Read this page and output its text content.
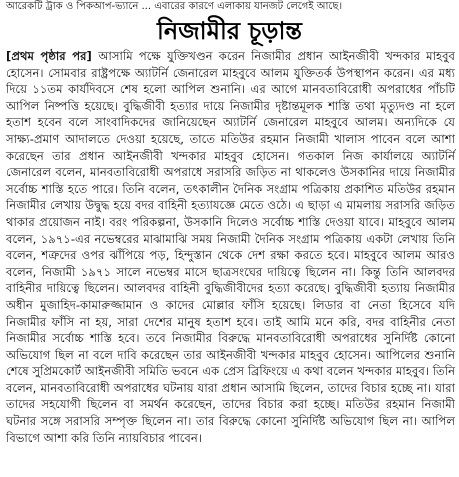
আরেকটি ট্রাক ও পিকআপ-ভ্যানে ... এবারের কারণে এলাকায় যানজট লেগেই আছে।
নিজামীর চূড়ান্ত
[ প্রথম পৃষ্ঠার পর ] আসামি পক্ষে যুক্তিখণ্ডন করেন নিজামীর প্রধান আইনজীবী খন্দকার মাহবুব হোসেন। সোমবার রাষ্ট্রপক্ষে অ্যাটর্নি জেনারেল মাহবুবে আলম যুক্তিতর্ক উপস্থাপন করেন। এর মধ্য দিয়ে ১১তম কার্যদিবসে শেষ হলো আপিল শুনানি। এর আগে মানবতাবিরোধী অপরাধের পাঁচটি আপিল নিষ্পত্তি হয়েছে। বুদ্ধিজীবী হত্যার দায়ে নিজামীর দৃষ্টান্তমূলক শাস্তি তথা মৃত্যুদণ্ড না হলে হতাশ হবেন বলে সাংবাদিকদের জানিয়েছেন অ্যাটর্নি জেনারেল মাহবুবে আলম। অন্যদিকে যে সাক্ষ্য-প্রমাণ আদালতে দেওয়া হয়েছে, তাতে মতিউর রহমান নিজামী খালাস পাবেন বলে আশা করেছেন তার প্রধান আইনজীবী খন্দকার মাহবুব হোসেন। গতকাল নিজ কার্যালয়ে অ্যাটর্নি জেনারেল বলেন, মানবতাবিরোধী অপরাধে সরাসরি জড়িত না থাকলেও উসকানির দায়ে নিজামীর সর্বোচ্চ শাস্তি হতে পারে। তিনি বলেন, তৎকালীন দৈনিক সংগ্রাম পত্রিকায় প্রকাশিত মতিউর রহমান নিজামীর লেখায় উদ্বুদ্ধ হয়ে বদর বাহিনী হত্যাযজ্ঞে মেতে ওঠে। এ ছাড়া এ মামলায় সরাসরি জড়িত থাকার প্রয়োজন নাই। বরং পরিকল্পনা, উসকানি দিলেও সর্বোচ্চ শাস্তি দেওয়া যাবে। মাহবুবে আলম বলেন, ১৯৭১-এর নভেম্বরের মাঝামাঝি সময় নিজামী দৈনিক সংগ্রাম পত্রিকায় একটা লেখায় তিনি বলেন, শত্রুদের ওপর ঝাঁপিয়ে পড়, হিন্দুস্তান থেকে দেশ রক্ষা করতে হবে। মাহবুবে আলম আরও বলেন, নিজামী ১৯৭১ সালে নভেম্বর মাসে ছাত্রসংঘের দায়িত্বে ছিলেন না। কিন্তু তিনি আলবদর বাহিনীর দায়িত্বে ছিলেন। আলবদর বাহিনী বুদ্ধিজীবীদের হত্যা করেছে। বুদ্ধিজীবী হত্যায় নিজামীর অধীন মুজাহিদ-কামারুজ্জামান ও কাদের মোল্লার ফাঁসি হয়েছে। লিডার বা নেতা হিসেবে যদি নিজামীর ফাঁসি না হয়, সারা দেশের মানুষ হতাশ হবে। তাই আমি মনে করি, বদর বাহিনীর নেতা নিজামীর সর্বোচ্চ শাস্তি হবে। তবে নিজামীর বিরুদ্ধে মানবতাবিরোধী অপরাধের সুনির্দিষ্ট কোনো অভিযোগ ছিল না বলে দাবি করেছেন তার আইনজীবী খন্দকার মাহবুব হোসেন। আপিলের শুনানি শেষে সুপ্রিমকোর্ট আইনজীবী সমিতি ভবনে এক প্রেস ব্রিফিংয়ে এ কথা বলেন খন্দকার মাহবুব। তিনি বলেন, মানবতাবিরোধী অপরাধের ঘটনায় যারা প্রধান আসামি ছিলেন, তাদের বিচার হচ্ছে না। যারা তাদের সহযোগী ছিলেন বা সমর্থন করেছেন, তাদের বিচার করা হচ্ছে। মতিউর রহমান নিজামী ঘটনার সঙ্গে সরাসরি সম্পৃক্ত ছিলেন না। তার বিরুদ্ধে কোনো সুনির্দিষ্ট অভিযোগ ছিল না। আপিল বিভাগে আশা করি তিনি ন্যায়বিচার পাবেন।
